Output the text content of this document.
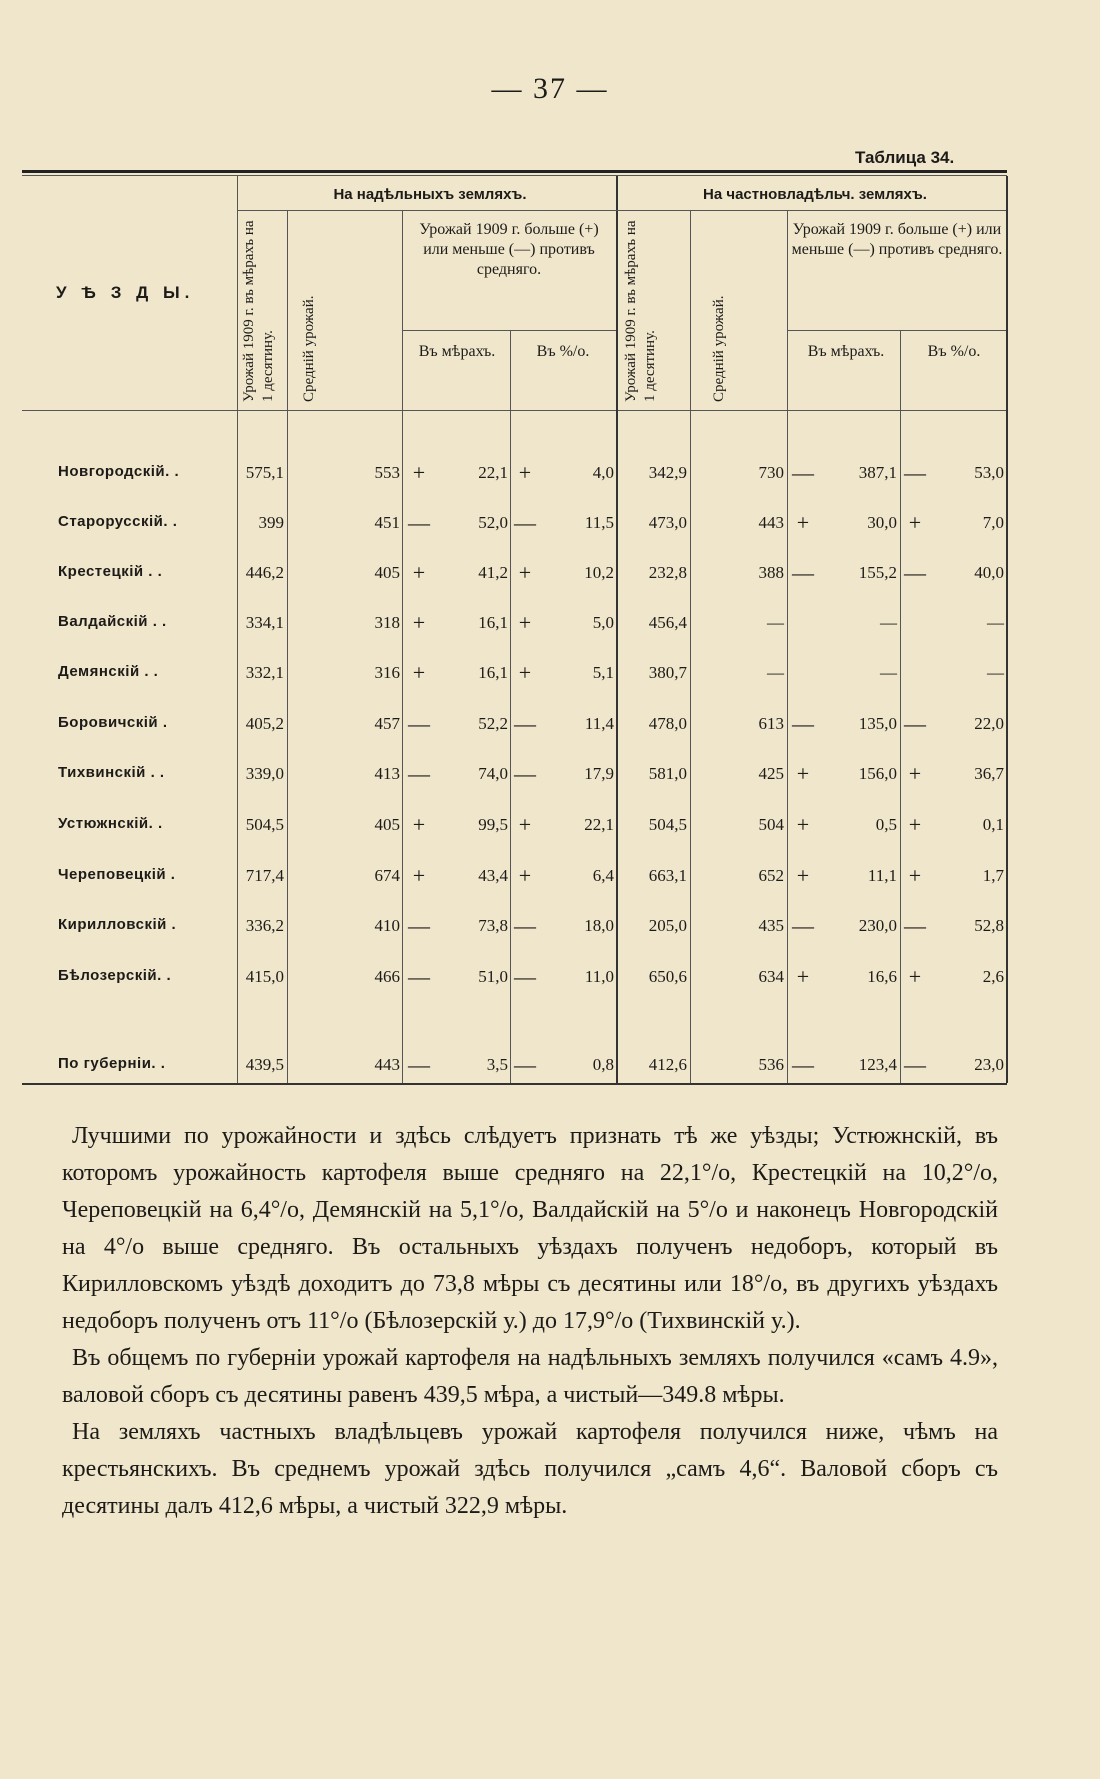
— 37 —
Таблица 34.
У Ѣ З Д Ы.
На надѣльныхъ земляхъ.	На частновладѣльч. земляхъ.
Урожай 1909 г. въ мѣрахъ на 1 десятину.	Средній урожай.
Урожай 1909 г. больше (+) или меньше (—) противъ средняго.
Въ мѣрахъ.	Въ %/о.	Урожай 1909 г. въ мѣрахъ на 1 десятину.	Средній урожай.
Урожай 1909 г. больше (+) или меньше (—) противъ средняго.
Въ мѣрахъ.	Въ %/о.
Новгородскій. .	575,1	553 +	22,1 +	4,0	342,9	730 —	387,1 —	53,0
Старорусскій. .	399	451 —	52,0 —	11,5	473,0	443 +	30,0 +	7,0
Крестецкій . .	446,2	405 +	41,2 +	10,2	232,8	388 —	155,2 —	40,0
Валдайскій . .	334,1	318 +	16,1 +	5,0	456,4	—	—	—
Демянскій . .	332,1	316 +	16,1 +	5,1	380,7	—	—	—
Боровичскій .	405,2	457 —	52,2 —	11,4	478,0	613 —	135,0 —	22,0
Тихвинскій . .	339,0	413 —	74,0 —	17,9	581,0	425 +	156,0 +	36,7
Устюжнскій. .	504,5	405 +	99,5 +	22,1	504,5	504 +	0,5 +	0,1
Череповецкій .	717,4	674 +	43,4 +	6,4	663,1	652 +	11,1 +	1,7
Кирилловскій .	336,2	410 —	73,8 —	18,0	205,0	435 —	230,0 —	52,8
Бѣлозерскій. .	415,0	466 —	51,0 —	11,0	650,6	634 +	16,6 +	2,6
По губерніи. .	439,5	443 —	3,5 —	0,8	412,6	536 —	123,4 —	23,0

Лучшими по урожайности и здѣсь слѣдуетъ признать тѣ же уѣзды; Устюжнскій, въ которомъ урожайность картофеля выше средняго на 22,1°/о, Крестецкій на 10,2°/о, Череповецкій на 6,4°/о, Демянскій на 5,1°/о, Валдайскій на 5°/о и наконецъ Новгородскій на 4°/о выше средняго. Въ остальныхъ уѣздахъ полученъ недоборъ, который въ Кирилловскомъ уѣздѣ доходитъ до 73,8 мѣры съ десятины или 18°/о, въ другихъ уѣздахъ недоборъ полученъ отъ 11°/о (Бѣлозерскій у.) до 17,9°/о (Тихвинскій у.).

Въ общемъ по губерніи урожай картофеля на надѣльныхъ земляхъ получился «самъ 4.9», валовой сборъ съ десятины равенъ 439,5 мѣра, а чистый—349.8 мѣры.

На земляхъ частныхъ владѣльцевъ урожай картофеля получился ниже, чѣмъ на крестьянскихъ. Въ среднемъ урожай здѣсь получился „самъ 4,6“. Валовой сборъ съ десятины далъ 412,6 мѣры, а чистый 322,9 мѣры.
